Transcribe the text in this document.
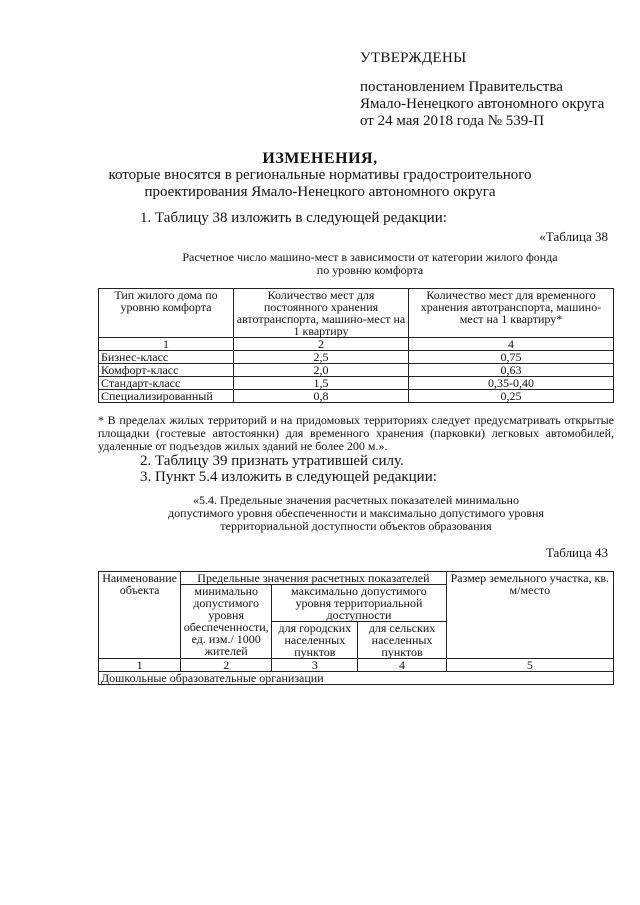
УТВЕРЖДЕНЫ
постановлением Правительства
Ямало-Ненецкого автономного округа
от 24 мая 2018 года № 539-П
ИЗМЕНЕНИЯ,
которые вносятся в региональные нормативы градостроительного
проектирования Ямало-Ненецкого автономного округа
1. Таблицу 38 изложить в следующей редакции:
«Таблица 38
Расчетное число машино-мест в зависимости от категории жилого фонда
по уровню комфорта
Тип жилого дома по уровню комфорта	Количество мест для постоянного хранения автотранспорта, машино-мест на 1 квартиру	Количество мест для временного хранения автотранспорта, машино-мест на 1 квартиру*
1	2	4
Бизнес-класс	2,5	0,75
Комфорт-класс	2,0	0,63
Стандарт-класс	1,5	0,35-0,40
Специализированный	0,8	0,25
* В пределах жилых территорий и на придомовых территориях следует предусматривать открытые площадки (гостевые автостоянки) для временного хранения (парковки) легковых автомобилей, удаленные от подъездов жилых зданий не более 200 м.».
2. Таблицу 39 признать утратившей силу.
3. Пункт 5.4 изложить в следующей редакции:
«5.4. Предельные значения расчетных показателей минимально
допустимого уровня обеспеченности и максимально допустимого уровня
территориальной доступности объектов образования
Таблица 43
Наименование объекта	Предельные значения расчетных показателей			Размер земельного участка, кв. м/место
	минимально допустимого уровня обеспеченности, ед. изм./ 1000 жителей	максимально допустимого уровня территориальной доступности		
		для городских населенных пунктов	для сельских населенных пунктов	
1	2	3	4	5
Дошкольные образовательные организации				
